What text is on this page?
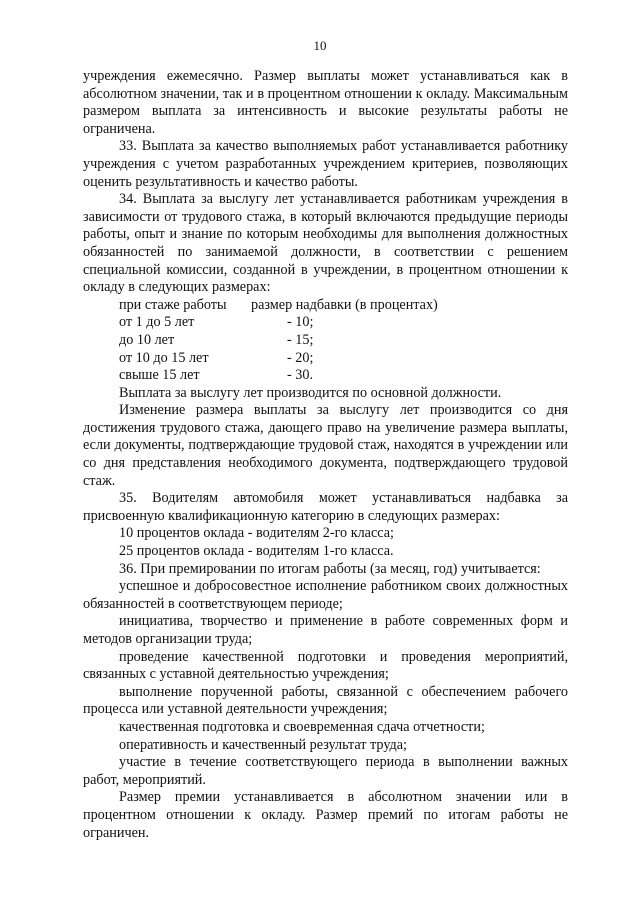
10

учреждения ежемесячно. Размер выплаты может устанавливаться как в абсолютном значении, так и в процентном отношении к окладу. Максимальным размером выплата за интенсивность и высокие результаты работы не ограничена.

33. Выплата за качество выполняемых работ устанавливается работнику учреждения с учетом разработанных учреждением критериев, позволяющих оценить результативность и качество работы.

34. Выплата за выслугу лет устанавливается работникам учреждения в зависимости от трудового стажа, в который включаются предыдущие периоды работы, опыт и знание по которым необходимы для выполнения должностных обязанностей по занимаемой должности, в соответствии с решением специальной комиссии, созданной в учреждении, в процентном отношении к окладу в следующих размерах:

при стаже работы	размер надбавки (в процентах)
от 1 до 5 лет	- 10;
до 10 лет	- 15;
от 10 до 15 лет	- 20;
свыше 15 лет	- 30.

Выплата за выслугу лет производится по основной должности.

Изменение размера выплаты за выслугу лет производится со дня достижения трудового стажа, дающего право на увеличение размера выплаты, если документы, подтверждающие трудовой стаж, находятся в учреждении или со дня представления необходимого документа, подтверждающего трудовой стаж.

35. Водителям автомобиля может устанавливаться надбавка за присвоенную квалификационную категорию в следующих размерах:

10 процентов оклада - водителям 2-го класса;

25 процентов оклада - водителям 1-го класса.

36. При премировании по итогам работы (за месяц, год) учитывается:

успешное и добросовестное исполнение работником своих должностных обязанностей в соответствующем периоде;

инициатива, творчество и применение в работе современных форм и методов организации труда;

проведение качественной подготовки и проведения мероприятий, связанных с уставной деятельностью учреждения;

выполнение порученной работы, связанной с обеспечением рабочего процесса или уставной деятельности учреждения;

качественная подготовка и своевременная сдача отчетности;

оперативность и качественный результат труда;

участие в течение соответствующего периода в выполнении важных работ, мероприятий.

Размер премии устанавливается в абсолютном значении или в процентном отношении к окладу. Размер премий по итогам работы не ограничен.
